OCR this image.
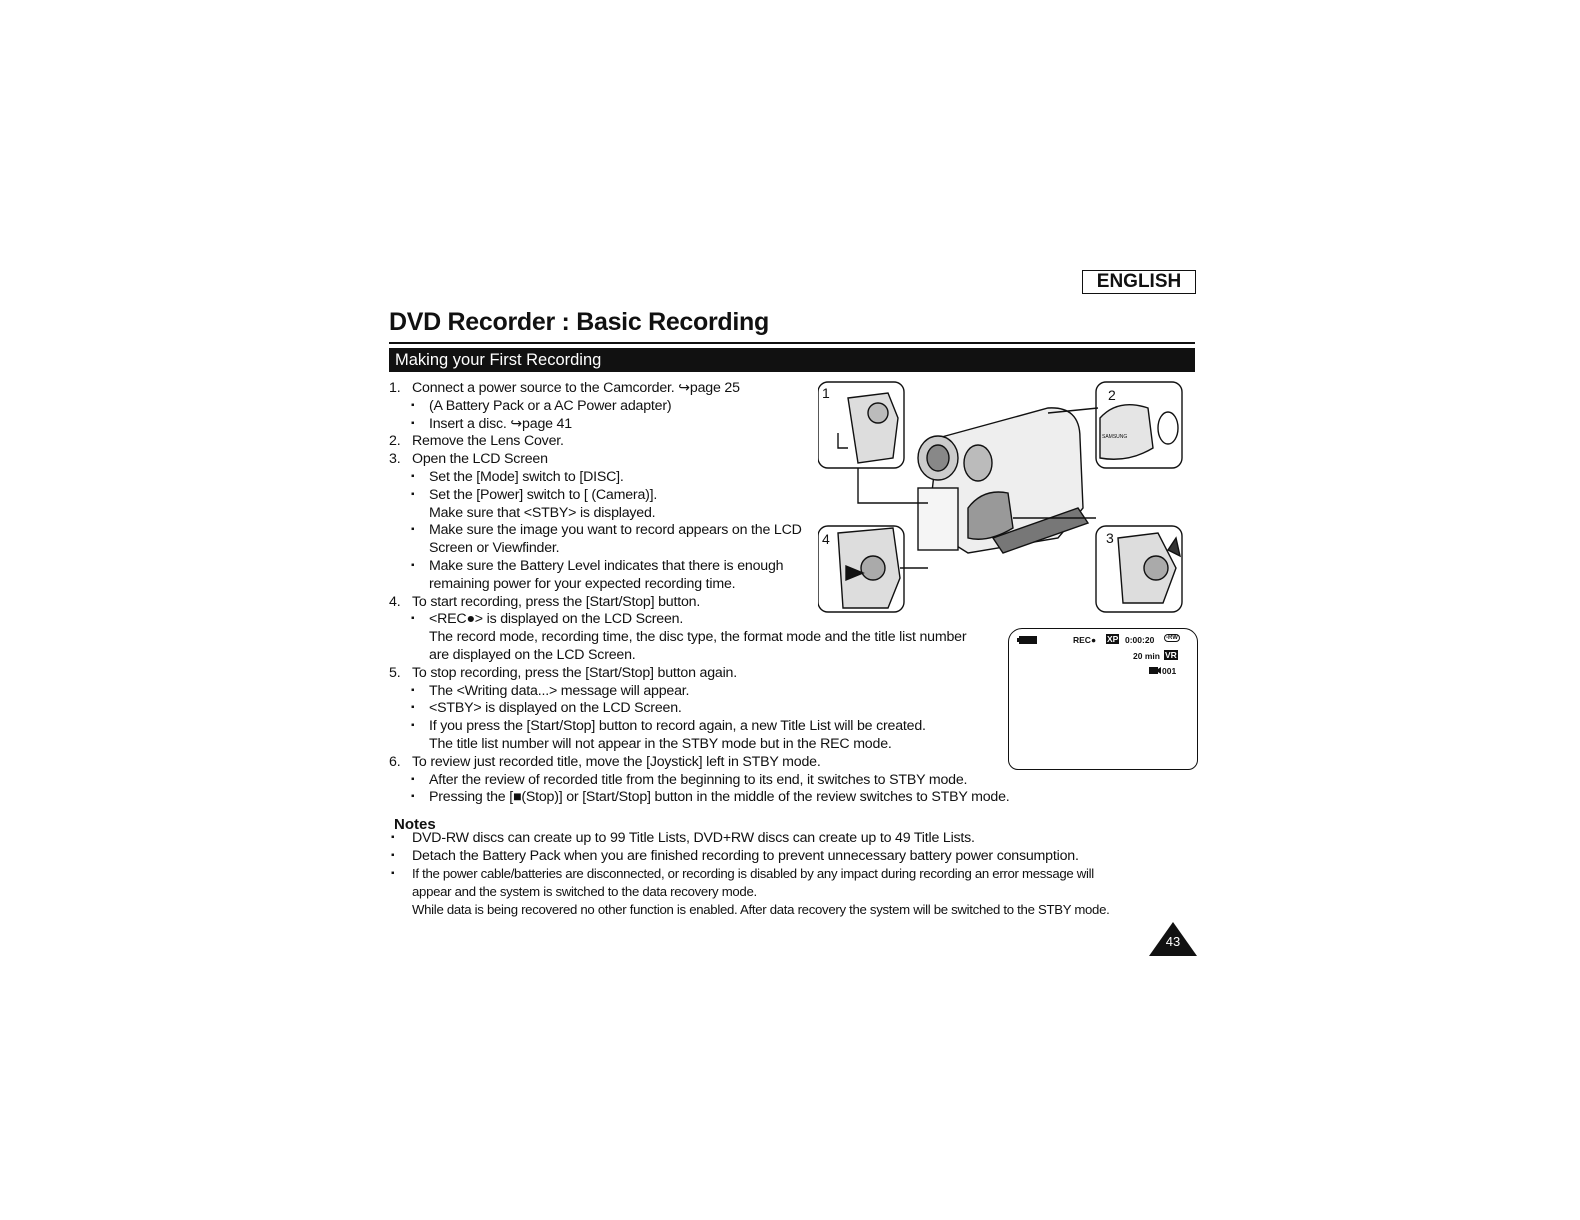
ENGLISH
DVD Recorder : Basic Recording
Making your First Recording
1. Connect a power source to the Camcorder. ↪page 25
▪ (A Battery Pack or a AC Power adapter)
▪ Insert a disc. ↪page 41
2. Remove the Lens Cover.
3. Open the LCD Screen
▪ Set the [Mode] switch to [DISC].
▪ Set the [Power] switch to [ (Camera)].
Make sure that <STBY> is displayed.
▪ Make sure the image you want to record appears on the LCD
Screen or Viewfinder.
▪ Make sure the Battery Level indicates that there is enough
remaining power for your expected recording time.
4. To start recording, press the [Start/Stop] button.
▪ <REC●> is displayed on the LCD Screen.
The record mode, recording time, the disc type, the format mode and the title list number
are displayed on the LCD Screen.
5. To stop recording, press the [Start/Stop] button again.
▪ The <Writing data...> message will appear.
▪ <STBY> is displayed on the LCD Screen.
▪ If you press the [Start/Stop] button to record again, a new Title List will be created.
The title list number will not appear in the STBY mode but in the REC mode.
6. To review just recorded title, move the [Joystick] left in STBY mode.
▪ After the review of recorded title from the beginning to its end, it switches to STBY mode.
▪ Pressing the [■(Stop)] or [Start/Stop] button in the middle of the review switches to STBY mode.
Notes
▪ DVD-RW discs can create up to 99 Title Lists, DVD+RW discs can create up to 49 Title Lists.
▪ Detach the Battery Pack when you are finished recording to prevent unnecessary battery power consumption.
▪ If the power cable/batteries are disconnected, or recording is disabled by any impact during recording an error message will
appear and the system is switched to the data recovery mode.
While data is being recovered no other function is enabled. After data recovery the system will be switched to the STBY mode.
1	2
SAMSUNG
3
4
REC● XP 0:00:20	-RW
20 min VR
001
43
